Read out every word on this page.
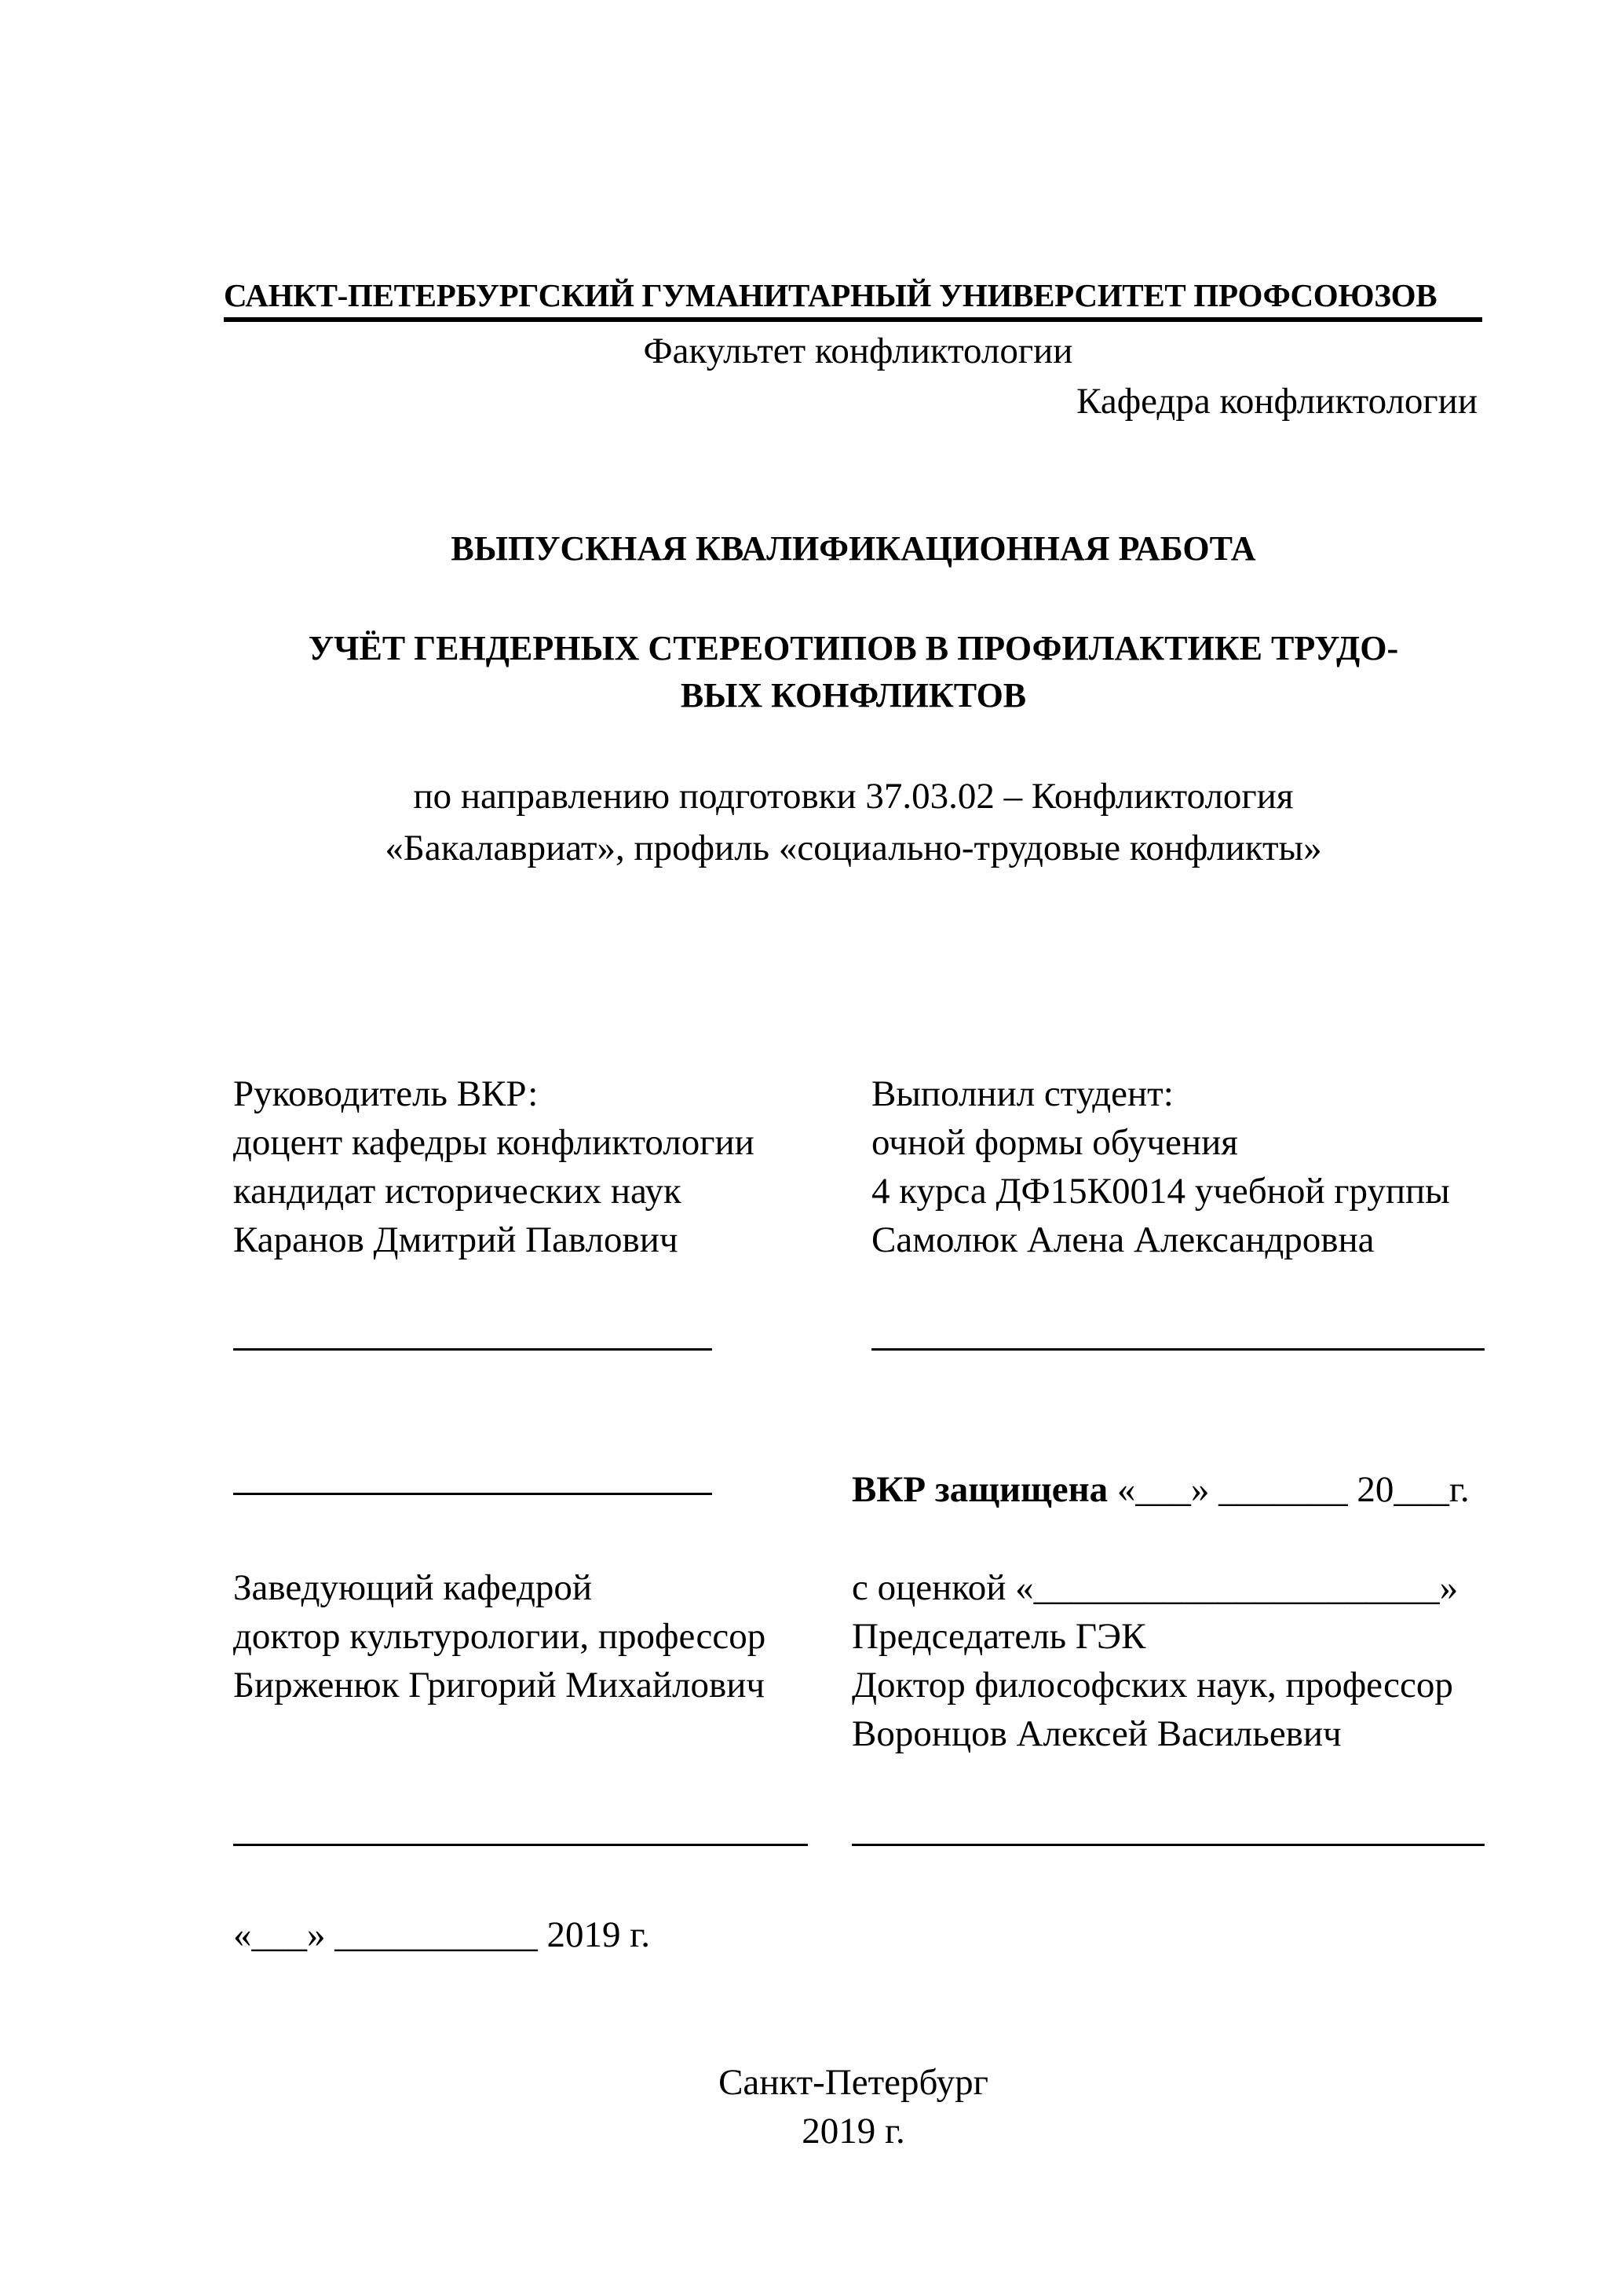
САНКТ-ПЕТЕРБУРГСКИЙ ГУМАНИТАРНЫЙ УНИВЕРСИТЕТ ПРОФСОЮЗОВ
Факультет конфликтологии
Кафедра конфликтологии
ВЫПУСКНАЯ КВАЛИФИКАЦИОННАЯ РАБОТА
УЧЁТ ГЕНДЕРНЫХ СТЕРЕОТИПОВ В ПРОФИЛАКТИКЕ ТРУДО-
ВЫХ КОНФЛИКТОВ
по направлению подготовки 37.03.02 – Конфликтология
«Бакалавриат», профиль «социально-трудовые конфликты»
Руководитель ВКР:
доцент кафедры конфликтологии
кандидат исторических наук
Каранов Дмитрий Павлович
Выполнил студент:
очной формы обучения
4 курса ДФ15К0014 учебной группы
Самолюк Алена Александровна
ВКР защищена «___» _______ 20___г.
Заведующий кафедрой
доктор культурологии, профессор
Бирженюк Григорий Михайлович
с оценкой «______________________»
Председатель ГЭК
Доктор философских наук, профессор
Воронцов Алексей Васильевич
«___» ___________ 2019 г.
Санкт-Петербург
2019 г.
